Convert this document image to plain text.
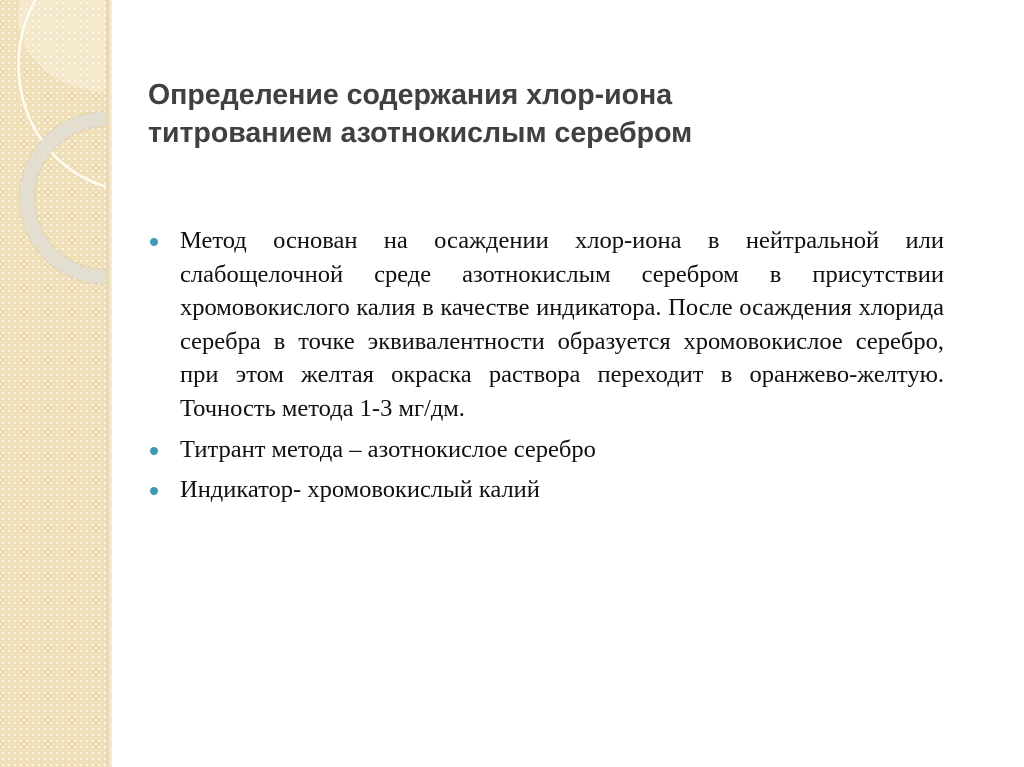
Определение содержания хлор-иона
титрованием азотнокислым серебром
Метод основан на осаждении хлор-иона в нейтральной или слабощелочной среде азотнокислым серебром в присутствии хромовокислого калия в качестве индикатора. После осаждения хлорида серебра в точке эквивалентности образуется хромовокислое серебро, при этом желтая окраска раствора переходит в оранжево-желтую. Точность метода 1-3 мг/дм.
Титрант метода – азотнокислое серебро
Индикатор- хромовокислый калий
